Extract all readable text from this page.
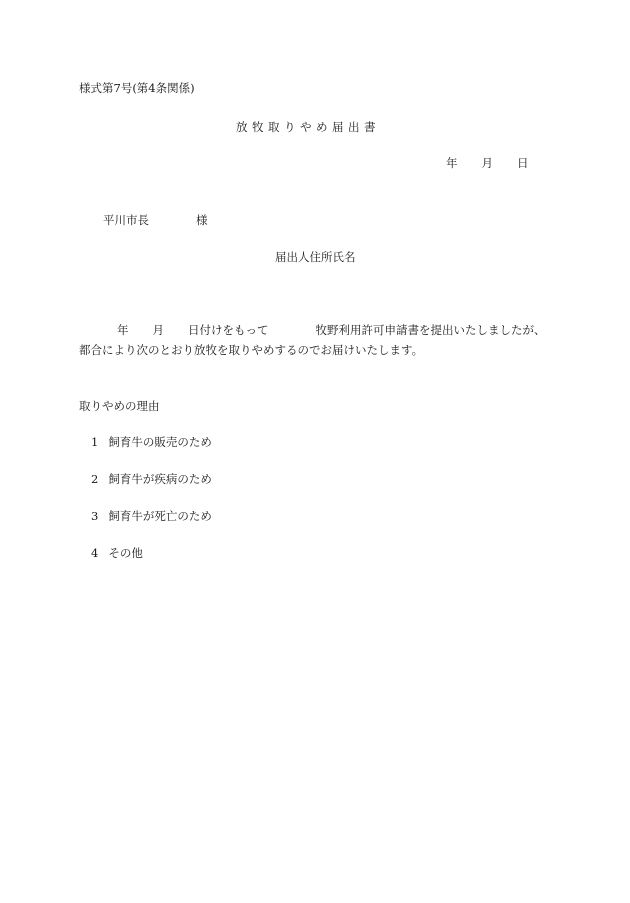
様式第7号(第4条関係)
放牧取りやめ届出書
年 月 日
平川市長	様
届出人住所氏名
年 月 日付けをもって	牧野利用許可申請書を提出いたしましたが、
都合により次のとおり放牧を取りやめするのでお届けいたします。
取りやめの理由
1 飼育牛の販売のため
2 飼育牛が疾病のため
3 飼育牛が死亡のため
4 その他
